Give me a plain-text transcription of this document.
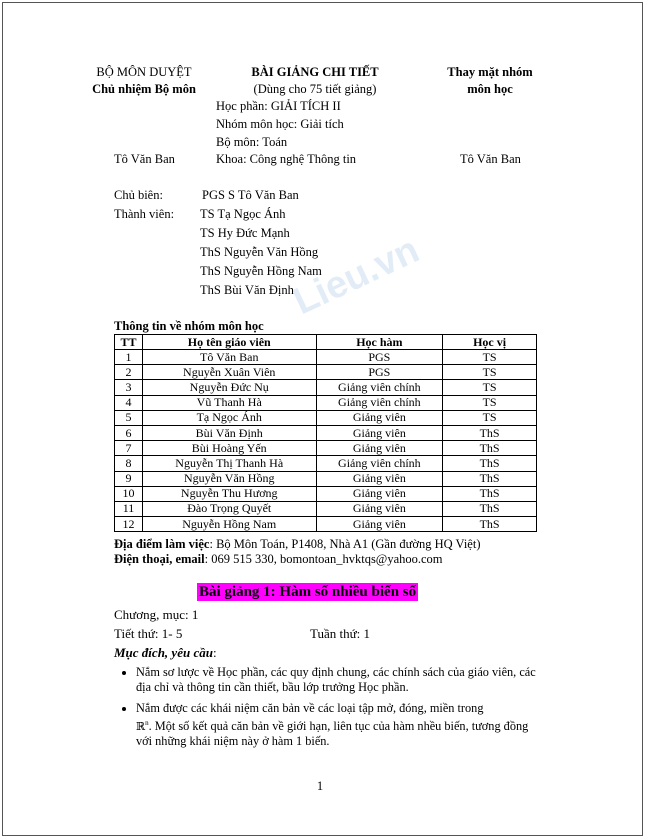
Lieu.vn
BỘ MÔN DUYỆT
Chủ nhiệm Bộ môn
BÀI GIẢNG CHI TIẾT
(Dùng cho 75 tiết giảng)
Thay mặt nhóm
môn học
Học phần: GIẢI TÍCH II
Nhóm môn học: Giải tích
Bộ môn: Toán
Tô Văn Ban	Khoa: Công nghệ Thông tin	Tô Văn Ban
Chủ biên:	PGS S Tô Văn Ban
Thành viên: TS Tạ Ngọc Ánh
TS Hy Đức Mạnh
ThS Nguyễn Văn Hồng
ThS Nguyễn Hồng Nam
ThS Bùi Văn Định
Thông tin về nhóm môn học
TT	Họ tên giáo viên	Học hàm	Học vị
1	Tô Văn Ban	PGS	TS
2	Nguyễn Xuân Viên	PGS	TS
3	Nguyễn Đức Nụ	Giảng viên chính	TS
4	Vũ Thanh Hà	Giảng viên chính	TS
5	Tạ Ngọc Ánh	Giảng viên	TS
6	Bùi Văn Định	Giảng viên	ThS
7	Bùi Hoàng Yến	Giảng viên	ThS
8	Nguyễn Thị Thanh Hà	Giảng viên chính	ThS
9	Nguyễn Văn Hồng	Giảng viên	ThS
10	Nguyễn Thu Hương	Giảng viên	ThS
11	Đào Trọng Quyết	Giảng viên	ThS
12	Nguyễn Hồng Nam	Giảng viên	ThS
Địa điểm làm việc: Bộ Môn Toán, P1408, Nhà A1 (Gần đường HQ Việt)
Điện thoại, email: 069 515 330, bomontoan_hvktqs@yahoo.com
Bài giảng 1: Hàm số nhiều biến số
Chương, mục: 1
Tiết thứ: 1- 5	Tuần thứ: 1
Mục đích, yêu cầu:
• Nắm sơ lược về Học phần, các quy định chung, các chính sách của giáo viên, các địa chỉ và thông tin cần thiết, bầu lớp trưởng Học phần.
• Nắm được các khái niệm căn bản về các loại tập mở, đóng, miền trong
ℝ$^n$. Một số kết quả căn bản về giới hạn, liên tục của hàm nhều biến, tương đồng với những khái niệm này ở hàm 1 biến.
1
